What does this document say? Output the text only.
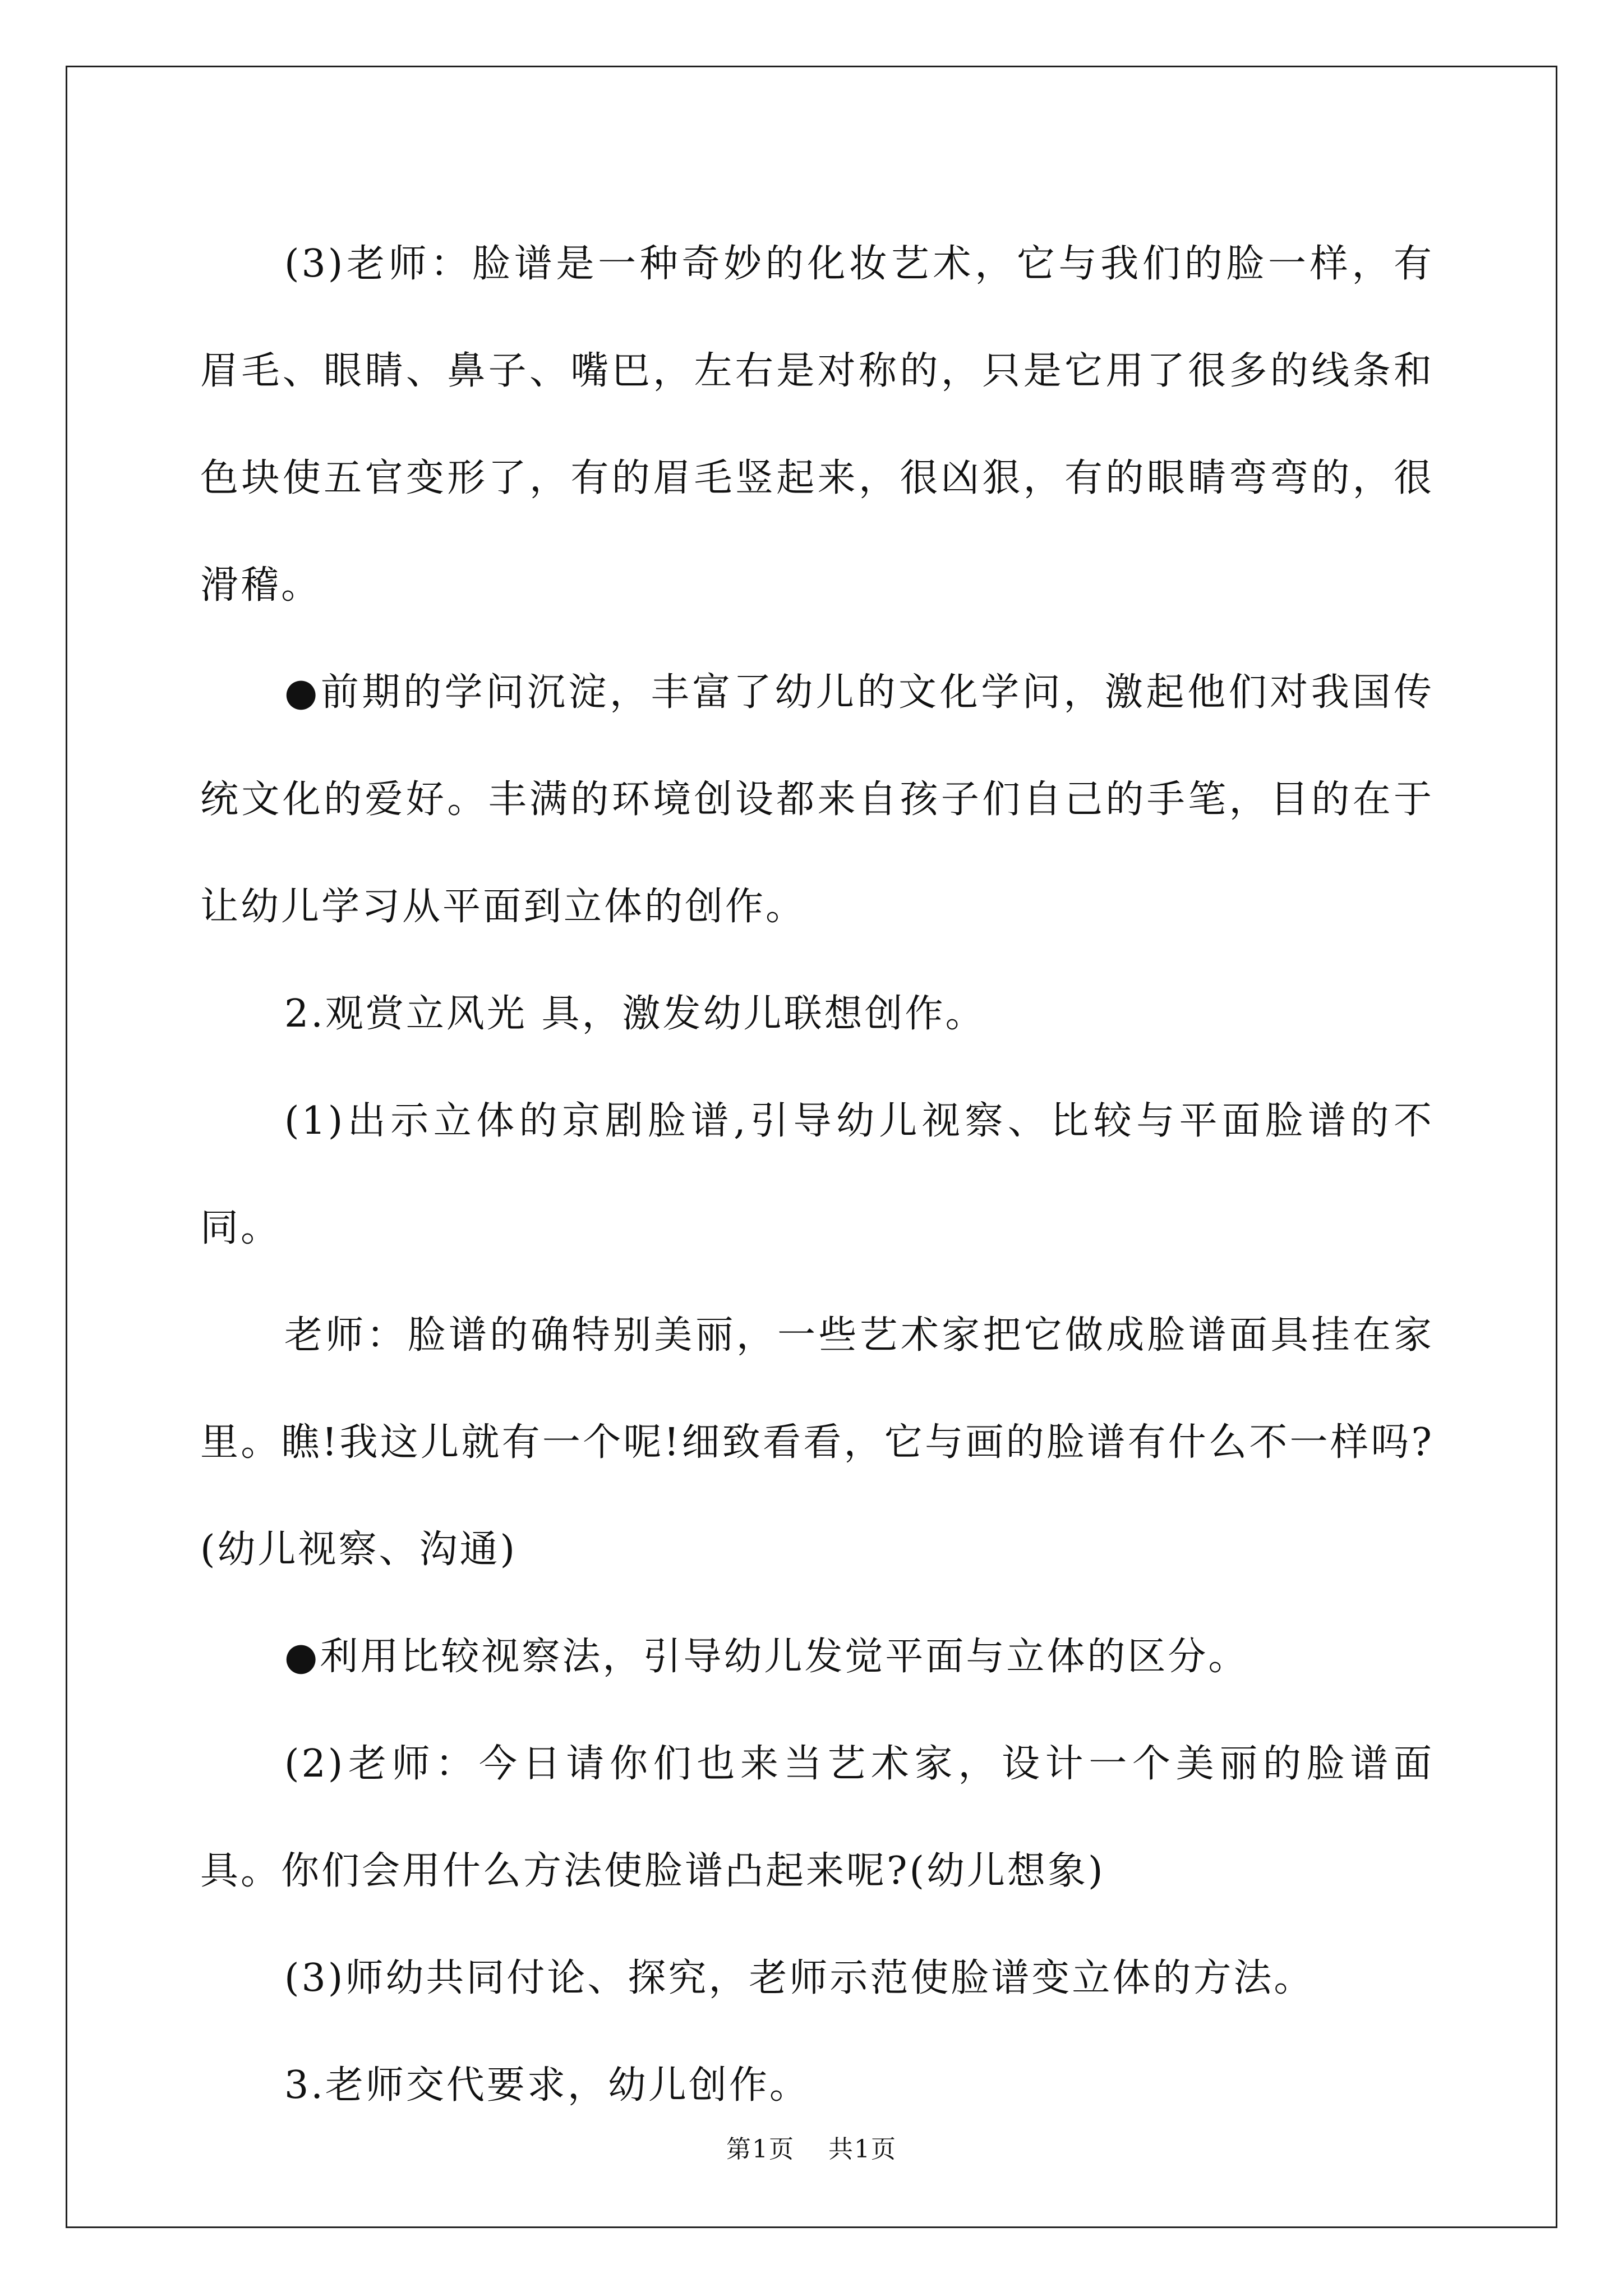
(3)老师：脸谱是一种奇妙的化妆艺术，它与我们的脸一样，有眉毛、眼睛、鼻子、嘴巴，左右是对称的，只是它用了很多的线条和色块使五官变形了，有的眉毛竖起来，很凶狠，有的眼睛弯弯的，很滑稽。

●前期的学问沉淀，丰富了幼儿的文化学问，激起他们对我国传统文化的爱好。丰满的环境创设都来自孩子们自己的手笔，目的在于让幼儿学习从平面到立体的创作。

2.观赏立风光 具，激发幼儿联想创作。

(1)出示立体的京剧脸谱,引导幼儿视察、比较与平面脸谱的不同。

老师：脸谱的确特别美丽，一些艺术家把它做成脸谱面具挂在家里。瞧!我这儿就有一个呢!细致看看，它与画的脸谱有什么不一样吗?(幼儿视察、沟通)

●利用比较视察法，引导幼儿发觉平面与立体的区分。

(2)老师：今日请你们也来当艺术家，设计一个美丽的脸谱面具。你们会用什么方法使脸谱凸起来呢?(幼儿想象)

(3)师幼共同付论、探究，老师示范使脸谱变立体的方法。

3.老师交代要求，幼儿创作。

第1页 共1页
